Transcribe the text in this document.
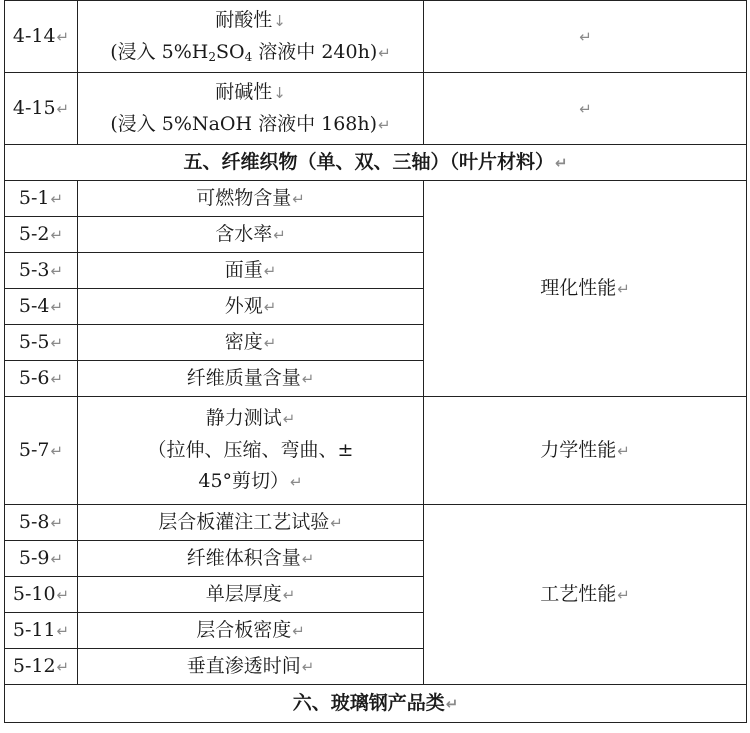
4-14↵	耐酸性↓
(浸入 $5\%H_2SO_4$ 溶液中 240h)↵	↵
4-15↵	耐碱性↓
(浸入 5%NaOH 溶液中 168h)↵	↵
五、纤维织物（单、双、三轴）（叶片材料）↵		
5-1↵	可燃物含量↵	理化性能↵
5-2↵	含水率↵	
5-3↵	面重↵	
5-4↵	外观↵	
5-5↵	密度↵	
5-6↵	纤维质量含量↵	
5-7↵	静力测试↵
（拉伸、压缩、弯曲、±
45°剪切）↵	力学性能↵
5-8↵	层合板灌注工艺试验↵	工艺性能↵
5-9↵	纤维体积含量↵	
5-10↵	单层厚度↵	
5-11↵	层合板密度↵	
5-12↵	垂直渗透时间↵	
六、玻璃钢产品类↵		
